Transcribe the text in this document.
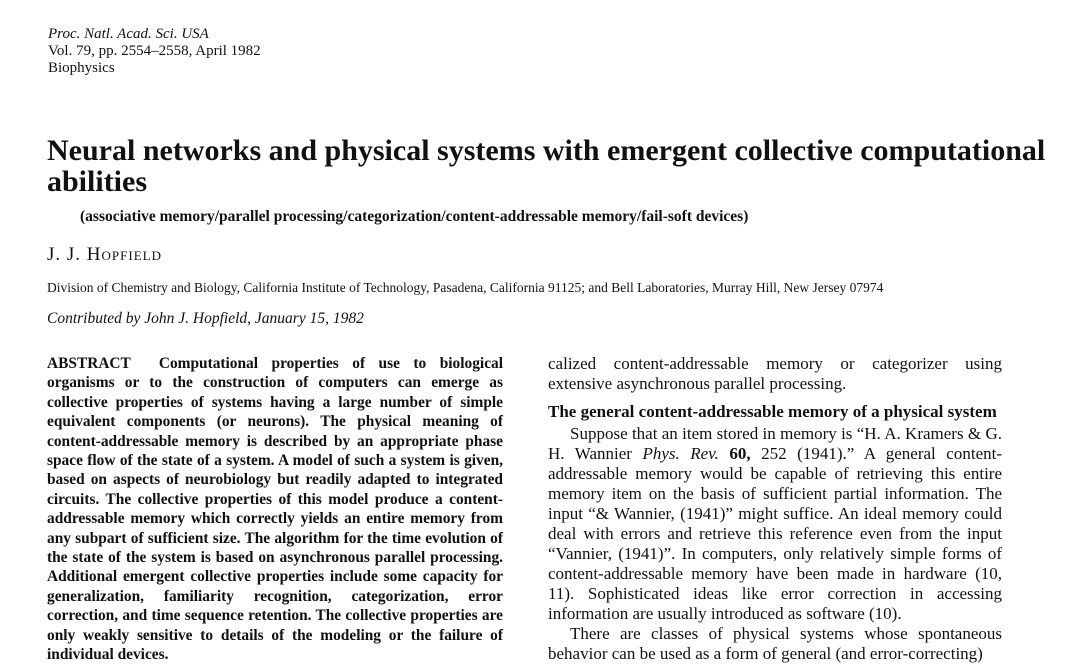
Proc. Natl. Acad. Sci. USA
Vol. 79, pp. 2554–2558, April 1982
Biophysics
Neural networks and physical systems with emergent collective computational abilities
(associative memory/parallel processing/categorization/content-addressable memory/fail-soft devices)
J. J. Hopfield
Division of Chemistry and Biology, California Institute of Technology, Pasadena, California 91125; and Bell Laboratories, Murray Hill, New Jersey 07974
Contributed by John J. Hopfield, January 15, 1982

ABSTRACT Computational properties of use to biological organisms or to the construction of computers can emerge as collective properties of systems having a large number of simple equivalent components (or neurons). The physical meaning of content-addressable memory is described by an appropriate phase space flow of the state of a system. A model of such a system is given, based on aspects of neurobiology but readily adapted to integrated circuits. The collective properties of this model produce a content-addressable memory which correctly yields an entire memory from any subpart of sufficient size. The algorithm for the time evolution of the state of the system is based on asynchronous parallel processing. Additional emergent collective properties include some capacity for generalization, familiarity recognition, categorization, error correction, and time sequence retention. The collective properties are only weakly sensitive to details of the modeling or the failure of individual devices.

calized content-addressable memory or categorizer using extensive asynchronous parallel processing.

The general content-addressable memory of a physical system

Suppose that an item stored in memory is “H. A. Kramers & G. H. Wannier Phys. Rev. 60, 252 (1941).” A general content-addressable memory would be capable of retrieving this entire memory item on the basis of sufficient partial information. The input “& Wannier, (1941)” might suffice. An ideal memory could deal with errors and retrieve this reference even from the input “Vannier, (1941)”. In computers, only relatively simple forms of content-addressable memory have been made in hardware (10, 11). Sophisticated ideas like error correction in accessing information are usually introduced as software (10).

There are classes of physical systems whose spontaneous behavior can be used as a form of general (and error-correcting)
